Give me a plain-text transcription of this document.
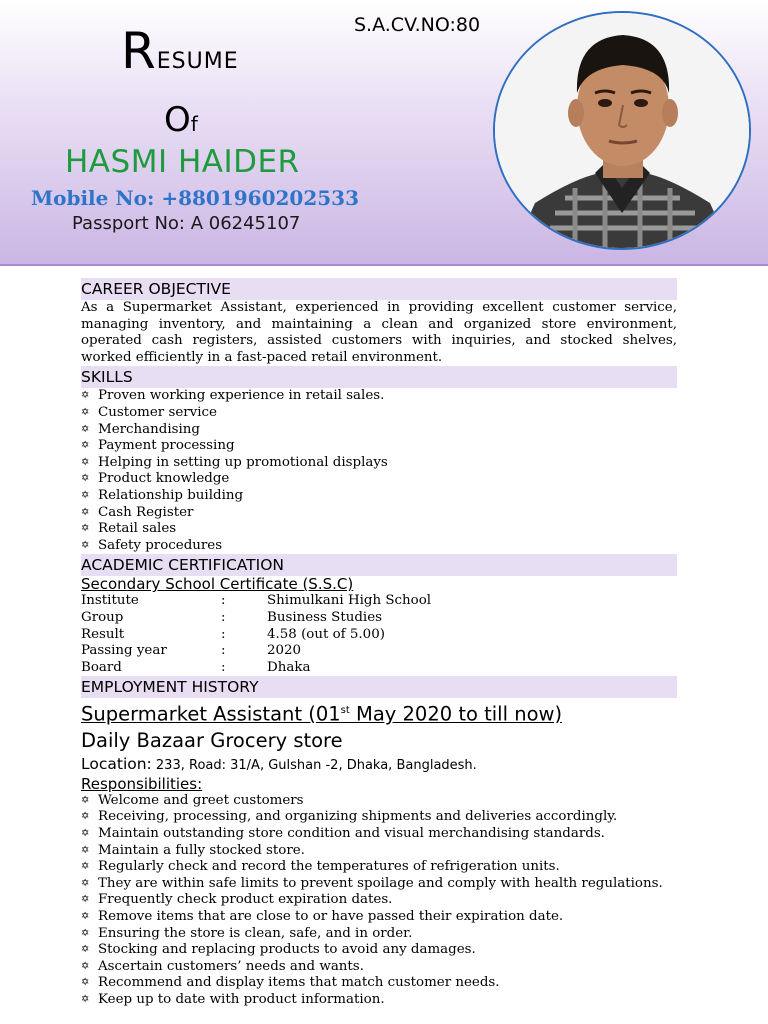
S.A.CV.NO:80
RESUME
Of
HASMI HAIDER
Mobile No: +8801960202533
Passport No: A 06245107
CAREER OBJECTIVE
As a Supermarket Assistant, experienced in providing excellent customer service, managing inventory, and maintaining a clean and organized store environment, operated cash registers, assisted customers with inquiries, and stocked shelves, worked efficiently in a fast-paced retail environment.
SKILLS
✡ Proven working experience in retail sales.
✡ Customer service
✡ Merchandising
✡ Payment processing
✡ Helping in setting up promotional displays
✡ Product knowledge
✡ Relationship building
✡ Cash Register
✡ Retail sales
✡ Safety procedures
ACADEMIC CERTIFICATION
Secondary School Certificate (S.S.C)
Institute	:	Shimulkani High School
Group	:	Business Studies
Result	:	4.58 (out of 5.00)
Passing year	:	2020
Board	:	Dhaka
EMPLOYMENT HISTORY
Supermarket Assistant (01st May 2020 to till now)
Daily Bazaar Grocery store
Location: 233, Road: 31/A, Gulshan -2, Dhaka, Bangladesh.
Responsibilities:
✡ Welcome and greet customers
✡ Receiving, processing, and organizing shipments and deliveries accordingly.
✡ Maintain outstanding store condition and visual merchandising standards.
✡ Maintain a fully stocked store.
✡ Regularly check and record the temperatures of refrigeration units.
✡ They are within safe limits to prevent spoilage and comply with health regulations.
✡ Frequently check product expiration dates.
✡ Remove items that are close to or have passed their expiration date.
✡ Ensuring the store is clean, safe, and in order.
✡ Stocking and replacing products to avoid any damages.
✡ Ascertain customers’ needs and wants.
✡ Recommend and display items that match customer needs.
✡ Keep up to date with product information.
